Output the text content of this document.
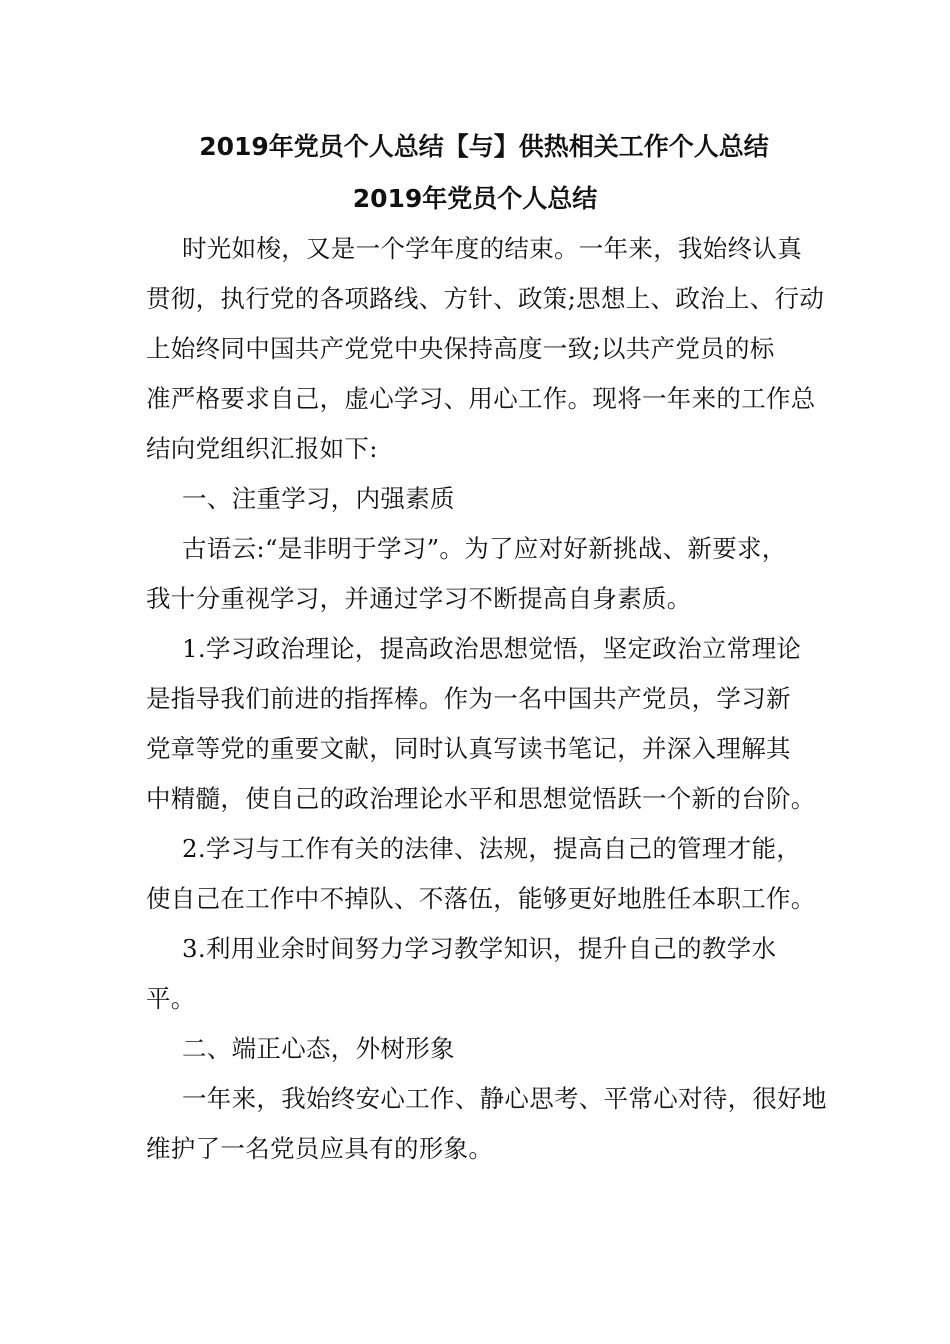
2019年党员个人总结【与】供热相关工作个人总结
2019年党员个人总结
时光如梭，又是一个学年度的结束。一年来，我始终认真
贯彻，执行党的各项路线、方针、政策;思想上、政治上、行动
上始终同中国共产党党中央保持高度一致;以共产党员的标
准严格要求自己，虚心学习、用心工作。现将一年来的工作总
结向党组织汇报如下:
一、注重学习，内强素质
古语云:“是非明于学习”。为了应对好新挑战、新要求，
我十分重视学习，并通过学习不断提高自身素质。
1.学习政治理论，提高政治思想觉悟，坚定政治立常理论
是指导我们前进的指挥棒。作为一名中国共产党员，学习新
党章等党的重要文献，同时认真写读书笔记，并深入理解其
中精髓，使自己的政治理论水平和思想觉悟跃一个新的台阶。
2.学习与工作有关的法律、法规，提高自己的管理才能，
使自己在工作中不掉队、不落伍，能够更好地胜任本职工作。
3.利用业余时间努力学习教学知识，提升自己的教学水
平。
二、端正心态，外树形象
一年来，我始终安心工作、静心思考、平常心对待，很好地
维护了一名党员应具有的形象。
